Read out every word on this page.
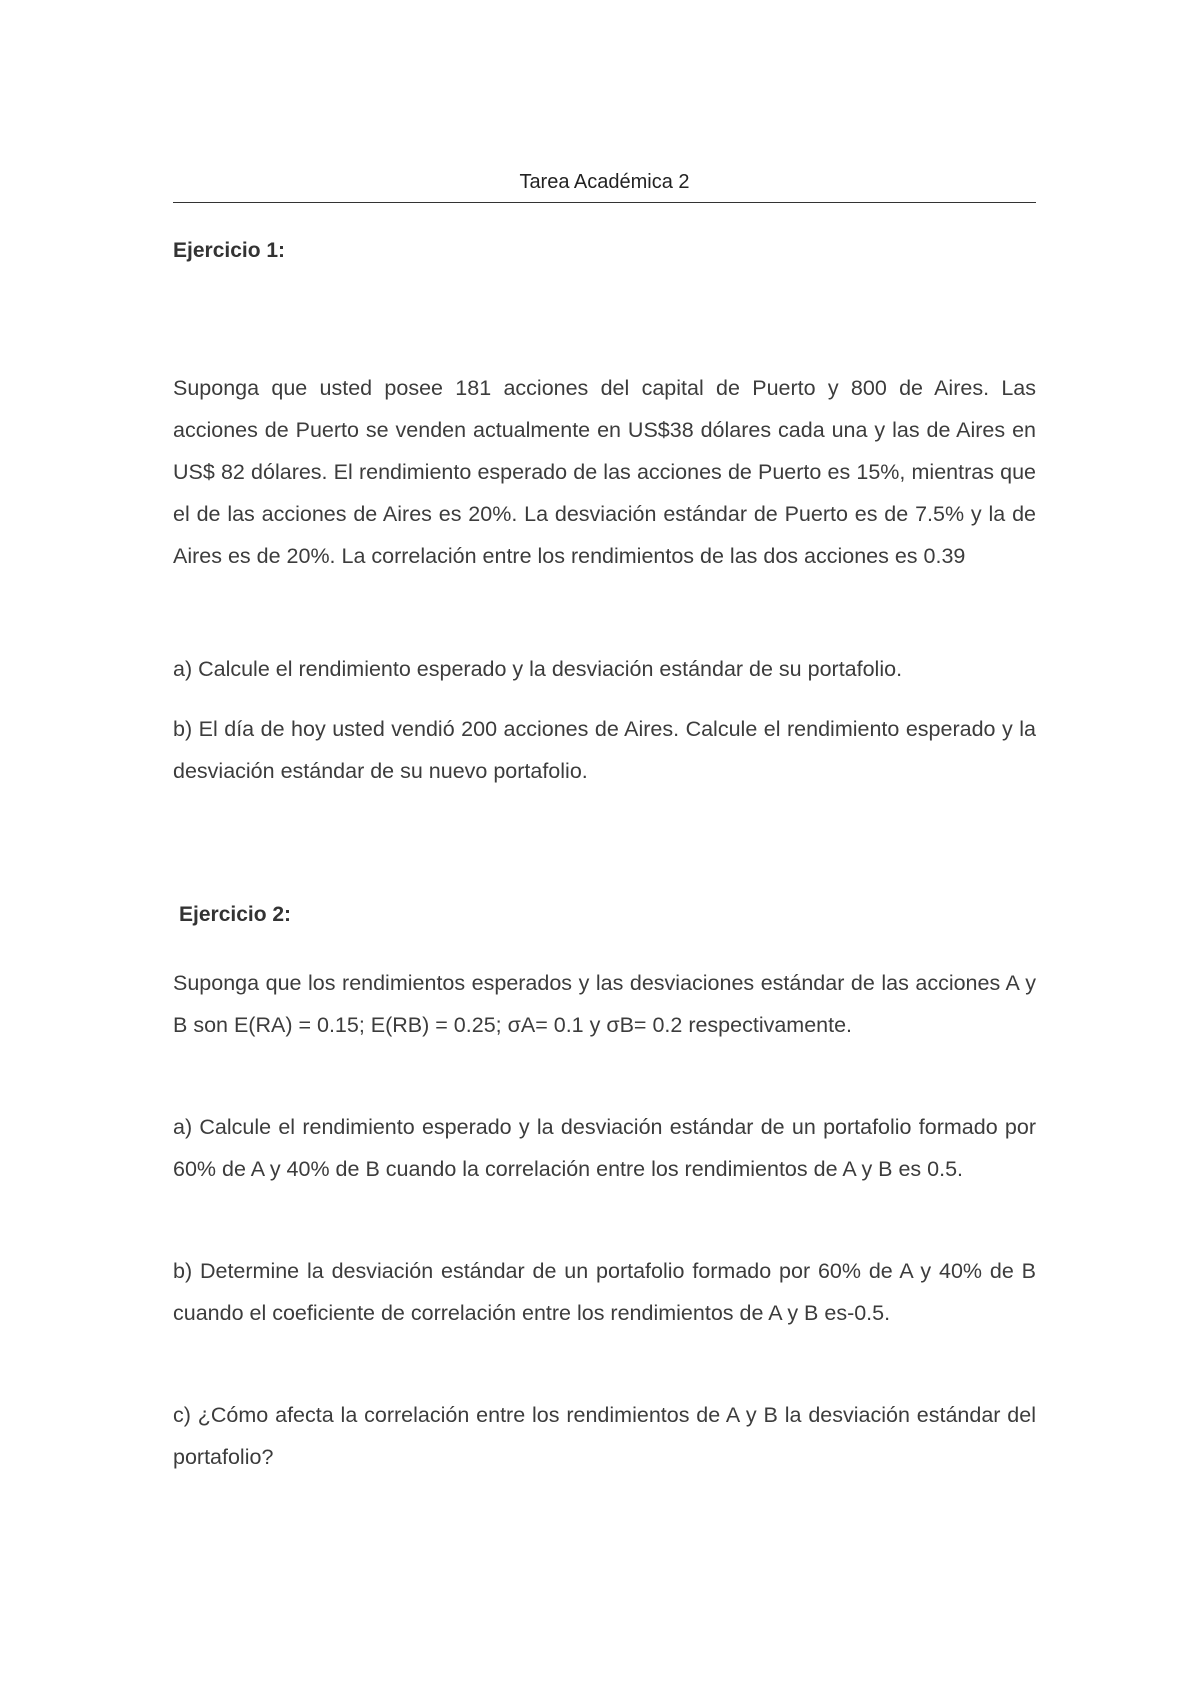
Tarea Académica 2
Ejercicio 1:

Suponga que usted posee 181 acciones del capital de Puerto y 800 de Aires. Las acciones de Puerto se venden actualmente en US$38 dólares cada una y las de Aires en US$ 82 dólares. El rendimiento esperado de las acciones de Puerto es 15%, mientras que el de las acciones de Aires es 20%. La desviación estándar de Puerto es de 7.5% y la de Aires es de 20%. La correlación entre los rendimientos de las dos acciones es 0.39

a) Calcule el rendimiento esperado y la desviación estándar de su portafolio.

b) El día de hoy usted vendió 200 acciones de Aires. Calcule el rendimiento esperado y la desviación estándar de su nuevo portafolio.

Ejercicio 2:

Suponga que los rendimientos esperados y las desviaciones estándar de las acciones A y B son E(RA) = 0.15; E(RB) = 0.25; σA= 0.1 y σB= 0.2 respectivamente.

a) Calcule el rendimiento esperado y la desviación estándar de un portafolio formado por 60% de A y 40% de B cuando la correlación entre los rendimientos de A y B es 0.5.

b) Determine la desviación estándar de un portafolio formado por 60% de A y 40% de B cuando el coeficiente de correlación entre los rendimientos de A y B es-0.5.

c) ¿Cómo afecta la correlación entre los rendimientos de A y B la desviación estándar del portafolio?
